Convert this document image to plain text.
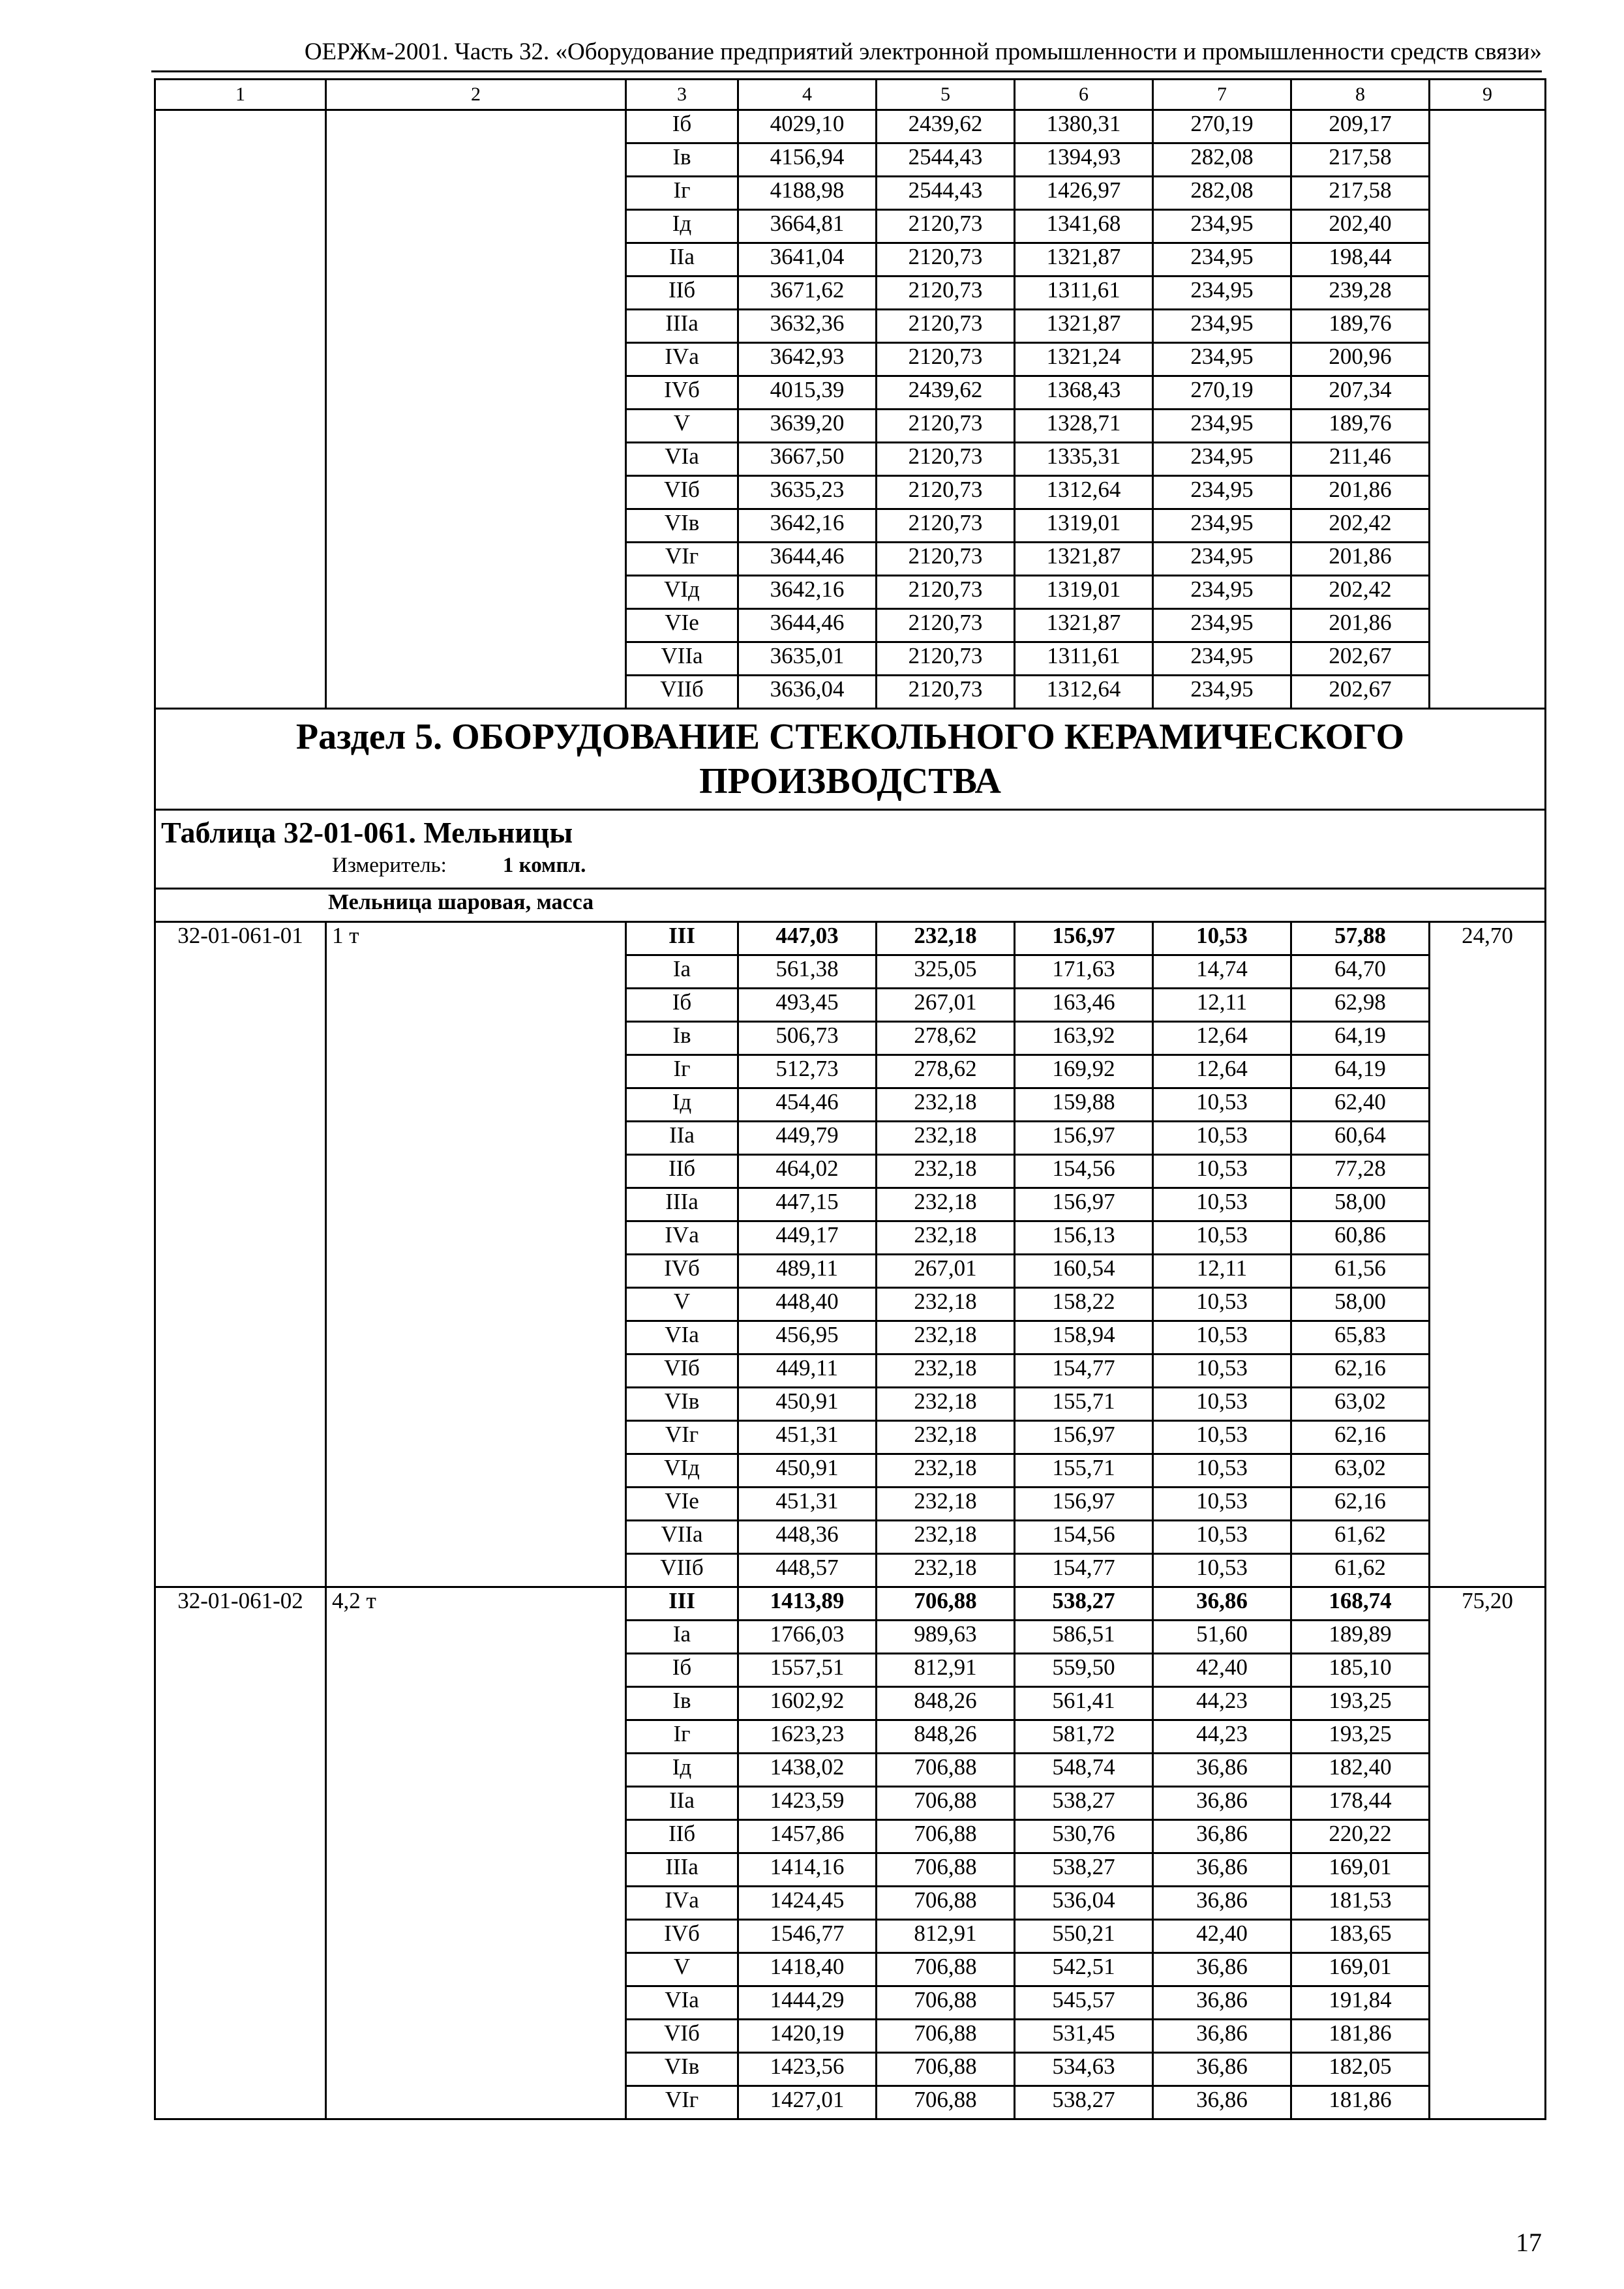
ОЕРЖм-2001. Часть 32. «Оборудование предприятий электронной промышленности и промышленности средств связи»
1	2	3	4	5	6	7	8	9
		Iб	4029,10	2439,62	1380,31	270,19	209,17	
		Iв	4156,94	2544,43	1394,93	282,08	217,58	
		Iг	4188,98	2544,43	1426,97	282,08	217,58	
		Iд	3664,81	2120,73	1341,68	234,95	202,40	
		IIа	3641,04	2120,73	1321,87	234,95	198,44	
		IIб	3671,62	2120,73	1311,61	234,95	239,28	
		IIIа	3632,36	2120,73	1321,87	234,95	189,76	
		IVа	3642,93	2120,73	1321,24	234,95	200,96	
		IVб	4015,39	2439,62	1368,43	270,19	207,34	
		V	3639,20	2120,73	1328,71	234,95	189,76	
		VIа	3667,50	2120,73	1335,31	234,95	211,46	
		VIб	3635,23	2120,73	1312,64	234,95	201,86	
		VIв	3642,16	2120,73	1319,01	234,95	202,42	
		VIг	3644,46	2120,73	1321,87	234,95	201,86	
		VIд	3642,16	2120,73	1319,01	234,95	202,42	
		VIе	3644,46	2120,73	1321,87	234,95	201,86	
		VIIа	3635,01	2120,73	1311,61	234,95	202,67	
		VIIб	3636,04	2120,73	1312,64	234,95	202,67	
Раздел 5. ОБОРУДОВАНИЕ СТЕКОЛЬНОГО КЕРАМИЧЕСКОГО ПРОИЗВОДСТВА								

Таблица 32-01-061. Мельницы
Измеритель: 1 компл.								

Мельница шаровая, масса								
32-01-061-01	1 т	III	447,03	232,18	156,97	10,53	57,88	24,70
		Iа	561,38	325,05	171,63	14,74	64,70	
		Iб	493,45	267,01	163,46	12,11	62,98	
		Iв	506,73	278,62	163,92	12,64	64,19	
		Iг	512,73	278,62	169,92	12,64	64,19	
		Iд	454,46	232,18	159,88	10,53	62,40	
		IIа	449,79	232,18	156,97	10,53	60,64	
		IIб	464,02	232,18	154,56	10,53	77,28	
		IIIа	447,15	232,18	156,97	10,53	58,00	
		IVа	449,17	232,18	156,13	10,53	60,86	
		IVб	489,11	267,01	160,54	12,11	61,56	
		V	448,40	232,18	158,22	10,53	58,00	
		VIа	456,95	232,18	158,94	10,53	65,83	
		VIб	449,11	232,18	154,77	10,53	62,16	
		VIв	450,91	232,18	155,71	10,53	63,02	
		VIг	451,31	232,18	156,97	10,53	62,16	
		VIд	450,91	232,18	155,71	10,53	63,02	
		VIе	451,31	232,18	156,97	10,53	62,16	
		VIIа	448,36	232,18	154,56	10,53	61,62	
		VIIб	448,57	232,18	154,77	10,53	61,62	
32-01-061-02	4,2 т	III	1413,89	706,88	538,27	36,86	168,74	75,20
		Iа	1766,03	989,63	586,51	51,60	189,89	
		Iб	1557,51	812,91	559,50	42,40	185,10	
		Iв	1602,92	848,26	561,41	44,23	193,25	
		Iг	1623,23	848,26	581,72	44,23	193,25	
		Iд	1438,02	706,88	548,74	36,86	182,40	
		IIа	1423,59	706,88	538,27	36,86	178,44	
		IIб	1457,86	706,88	530,76	36,86	220,22	
		IIIа	1414,16	706,88	538,27	36,86	169,01	
		IVа	1424,45	706,88	536,04	36,86	181,53	
		IVб	1546,77	812,91	550,21	42,40	183,65	
		V	1418,40	706,88	542,51	36,86	169,01	
		VIа	1444,29	706,88	545,57	36,86	191,84	
		VIб	1420,19	706,88	531,45	36,86	181,86	
		VIв	1423,56	706,88	534,63	36,86	182,05	
		VIг	1427,01	706,88	538,27	36,86	181,86	
17
